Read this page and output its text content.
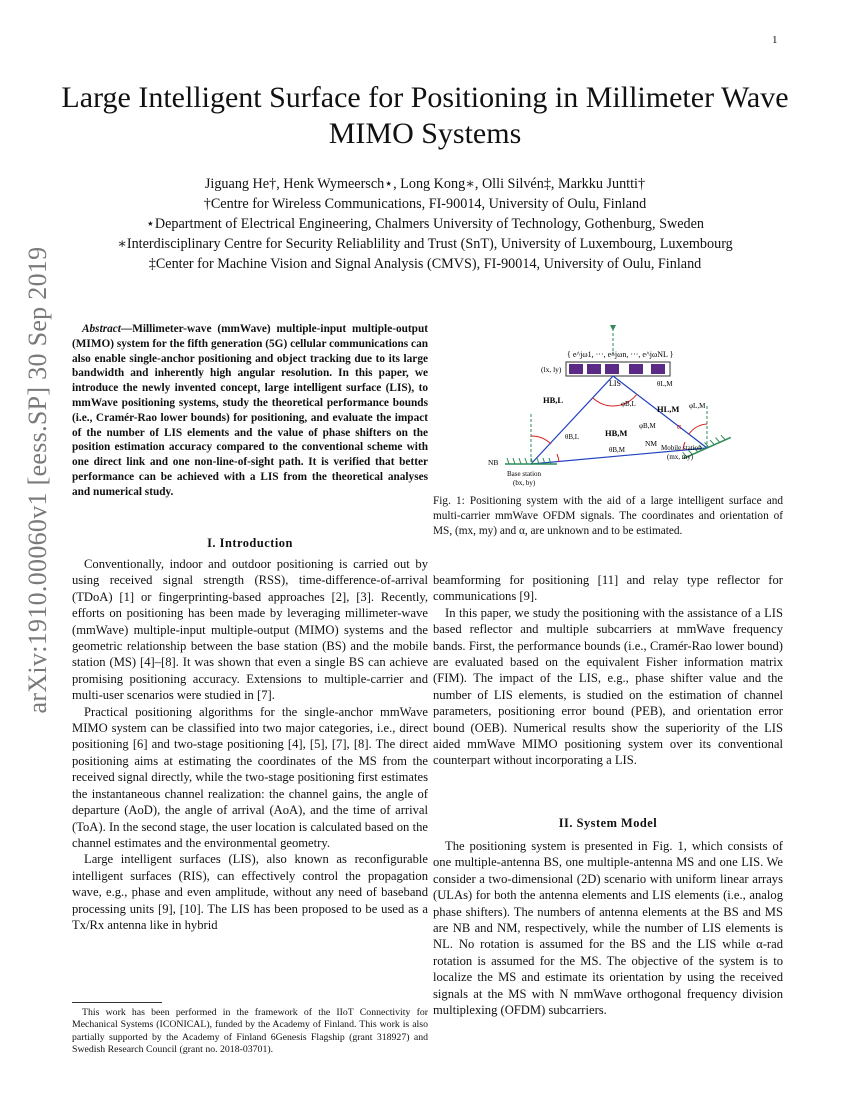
1
arXiv:1910.00060v1 [eess.SP] 30 Sep 2019
Large Intelligent Surface for Positioning in Millimeter Wave MIMO Systems
Jiguang He†, Henk Wymeersch⋆, Long Kong∗, Olli Silvén‡, Markku Juntti†
†Centre for Wireless Communications, FI-90014, University of Oulu, Finland
⋆Department of Electrical Engineering, Chalmers University of Technology, Gothenburg, Sweden
∗Interdisciplinary Centre for Security Reliablility and Trust (SnT), University of Luxembourg, Luxembourg
‡Center for Machine Vision and Signal Analysis (CMVS), FI-90014, University of Oulu, Finland
Abstract—Millimeter-wave (mmWave) multiple-input multiple-output (MIMO) system for the fifth generation (5G) cellular communications can also enable single-anchor positioning and object tracking due to its large bandwidth and inherently high angular resolution. In this paper, we introduce the newly invented concept, large intelligent surface (LIS), to mmWave positioning systems, study the theoretical performance bounds (i.e., Cramér-Rao lower bounds) for positioning, and evaluate the impact of the number of LIS elements and the value of phase shifters on the position estimation accuracy compared to the conventional scheme with one direct link and one non-line-of-sight path. It is verified that better performance can be achieved with a LIS from the theoretical analyses and numerical study.
I. Introduction

Conventionally, indoor and outdoor positioning is carried out by using received signal strength (RSS), time-difference-of-arrival (TDoA) [1] or fingerprinting-based approaches [2], [3]. Recently, efforts on positioning has been made by leveraging millimeter-wave (mmWave) multiple-input multiple-output (MIMO) systems and the geometric relationship between the base station (BS) and the mobile station (MS) [4]–[8]. It was shown that even a single BS can achieve promising positioning accuracy. Extensions to multiple-carrier and multi-user scenarios were studied in [7].

Practical positioning algorithms for the single-anchor mmWave MIMO system can be classified into two major categories, i.e., direct positioning [6] and two-stage positioning [4], [5], [7], [8]. The direct positioning aims at estimating the coordinates of the MS from the received signal directly, while the two-stage positioning first estimates the instantaneous channel realization: the channel gains, the angle of departure (AoD), the angle of arrival (AoA), and the time of arrival (ToA). In the second stage, the user location is calculated based on the channel estimates and the environmental geometry.

Large intelligent surfaces (LIS), also known as reconfigurable intelligent surfaces (RIS), can effectively control the propagation wave, e.g., phase and even amplitude, without any need of baseband processing units [9], [10]. The LIS has been proposed to be used as a Tx/Rx antenna like in hybrid

This work has been performed in the framework of the IIoT Connectivity for Mechanical Systems (ICONICAL), funded by the Academy of Finland. This work is also partially supported by the Academy of Finland 6Genesis Flagship (grant 318927) and Swedish Research Council (grant no. 2018-03701).
{ e^jω1, ···, e^jωn, ···, e^jωNL }
(lx, ly)
LIS
HB,L
HL,M
HB,M
θB,L
φB,L
θL,M
φL,M
θB,M
φB,M	α
NB
NM
Base station
(bx, by)
Mobile station
(mx, my)
Fig. 1: Positioning system with the aid of a large intelligent surface and multi-carrier mmWave OFDM signals. The coordinates and orientation of MS, (mx, my) and α, are unknown and to be estimated.

beamforming for positioning [11] and relay type reflector for communications [9].

In this paper, we study the positioning with the assistance of a LIS based reflector and multiple subcarriers at mmWave frequency bands. First, the performance bounds (i.e., Cramér-Rao lower bound) are evaluated based on the equivalent Fisher information matrix (FIM). The impact of the LIS, e.g., phase shifter value and the number of LIS elements, is studied on the estimation of channel parameters, positioning error bound (PEB), and orientation error bound (OEB). Numerical results show the superiority of the LIS aided mmWave MIMO positioning system over its conventional counterpart without incorporating a LIS.

II. System Model

The positioning system is presented in Fig. 1, which consists of one multiple-antenna BS, one multiple-antenna MS and one LIS. We consider a two-dimensional (2D) scenario with uniform linear arrays (ULAs) for both the antenna elements and LIS elements (i.e., analog phase shifters). The numbers of antenna elements at the BS and MS are NB and NM, respectively, while the number of LIS elements is NL. No rotation is assumed for the BS and the LIS while α-rad rotation is assumed for the MS. The objective of the system is to localize the MS and estimate its orientation by using the received signals at the MS with N mmWave orthogonal frequency division multiplexing (OFDM) subcarriers.
